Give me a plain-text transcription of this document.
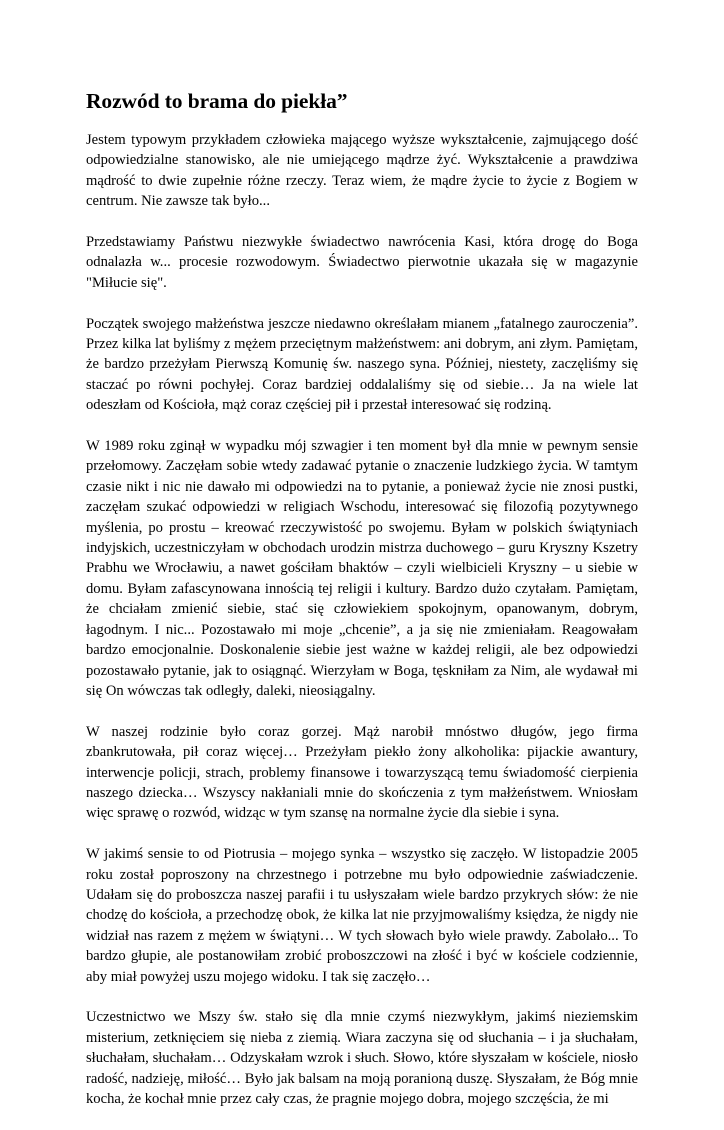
Rozwód to brama do piekła”

Jestem typowym przykładem człowieka mającego wyższe wykształcenie, zajmującego dość odpowiedzialne stanowisko, ale nie umiejącego mądrze żyć. Wykształcenie a prawdziwa mądrość to dwie zupełnie różne rzeczy. Teraz wiem, że mądre życie to życie z Bogiem w centrum. Nie zawsze tak było...

Przedstawiamy Państwu niezwykłe świadectwo nawrócenia Kasi, która drogę do Boga odnalazła w... procesie rozwodowym. Świadectwo pierwotnie ukazała się w magazynie "Miłucie się".

Początek swojego małżeństwa jeszcze niedawno określałam mianem „fatalnego zauroczenia”. Przez kilka lat byliśmy z mężem przeciętnym małżeństwem: ani dobrym, ani złym. Pamiętam, że bardzo przeżyłam Pierwszą Komunię św. naszego syna. Później, niestety, zaczęliśmy się staczać po równi pochyłej. Coraz bardziej oddalaliśmy się od siebie… Ja na wiele lat odeszłam od Kościoła, mąż coraz częściej pił i przestał interesować się rodziną.

W 1989 roku zginął w wypadku mój szwagier i ten moment był dla mnie w pewnym sensie przełomowy. Zaczęłam sobie wtedy zadawać pytanie o znaczenie ludzkiego życia. W tamtym czasie nikt i nic nie dawało mi odpowiedzi na to pytanie, a ponieważ życie nie znosi pustki, zaczęłam szukać odpowiedzi w religiach Wschodu, interesować się filozofią pozytywnego myślenia, po prostu – kreować rzeczywistość po swojemu. Byłam w polskich świątyniach indyjskich, uczestniczyłam w obchodach urodzin mistrza duchowego – guru Kryszny Kszetry Prabhu we Wrocławiu, a nawet gościłam bhaktów – czyli wielbicieli Kryszny – u siebie w domu. Byłam zafascynowana innością tej religii i kultury. Bardzo dużo czytałam. Pamiętam, że chciałam zmienić siebie, stać się człowiekiem spokojnym, opanowanym, dobrym, łagodnym. I nic... Pozostawało mi moje „chcenie”, a ja się nie zmieniałam. Reagowałam bardzo emocjonalnie. Doskonalenie siebie jest ważne w każdej religii, ale bez odpowiedzi pozostawało pytanie, jak to osiągnąć. Wierzyłam w Boga, tęskniłam za Nim, ale wydawał mi się On wówczas tak odległy, daleki, nieosiągalny.

W naszej rodzinie było coraz gorzej. Mąż narobił mnóstwo długów, jego firma zbankrutowała, pił coraz więcej… Przeżyłam piekło żony alkoholika: pijackie awantury, interwencje policji, strach, problemy finansowe i towarzyszącą temu świadomość cierpienia naszego dziecka… Wszyscy nakłaniali mnie do skończenia z tym małżeństwem. Wniosłam więc sprawę o rozwód, widząc w tym szansę na normalne życie dla siebie i syna.

W jakimś sensie to od Piotrusia – mojego synka – wszystko się zaczęło. W listopadzie 2005 roku został poproszony na chrzestnego i potrzebne mu było odpowiednie zaświadczenie. Udałam się do proboszcza naszej parafii i tu usłyszałam wiele bardzo przykrych słów: że nie chodzę do kościoła, a przechodzę obok, że kilka lat nie przyjmowaliśmy księdza, że nigdy nie widział nas razem z mężem w świątyni… W tych słowach było wiele prawdy. Zabolało... To bardzo głupie, ale postanowiłam zrobić proboszczowi na złość i być w kościele codziennie, aby miał powyżej uszu mojego widoku. I tak się zaczęło…

Uczestnictwo we Mszy św. stało się dla mnie czymś niezwykłym, jakimś nieziemskim misterium, zetknięciem się nieba z ziemią. Wiara zaczyna się od słuchania – i ja słuchałam, słuchałam, słuchałam… Odzyskałam wzrok i słuch. Słowo, które słyszałam w kościele, niosło radość, nadzieję, miłość… Było jak balsam na moją poranioną duszę. Słyszałam, że Bóg mnie kocha, że kochał mnie przez cały czas, że pragnie mojego dobra, mojego szczęścia, że mi
